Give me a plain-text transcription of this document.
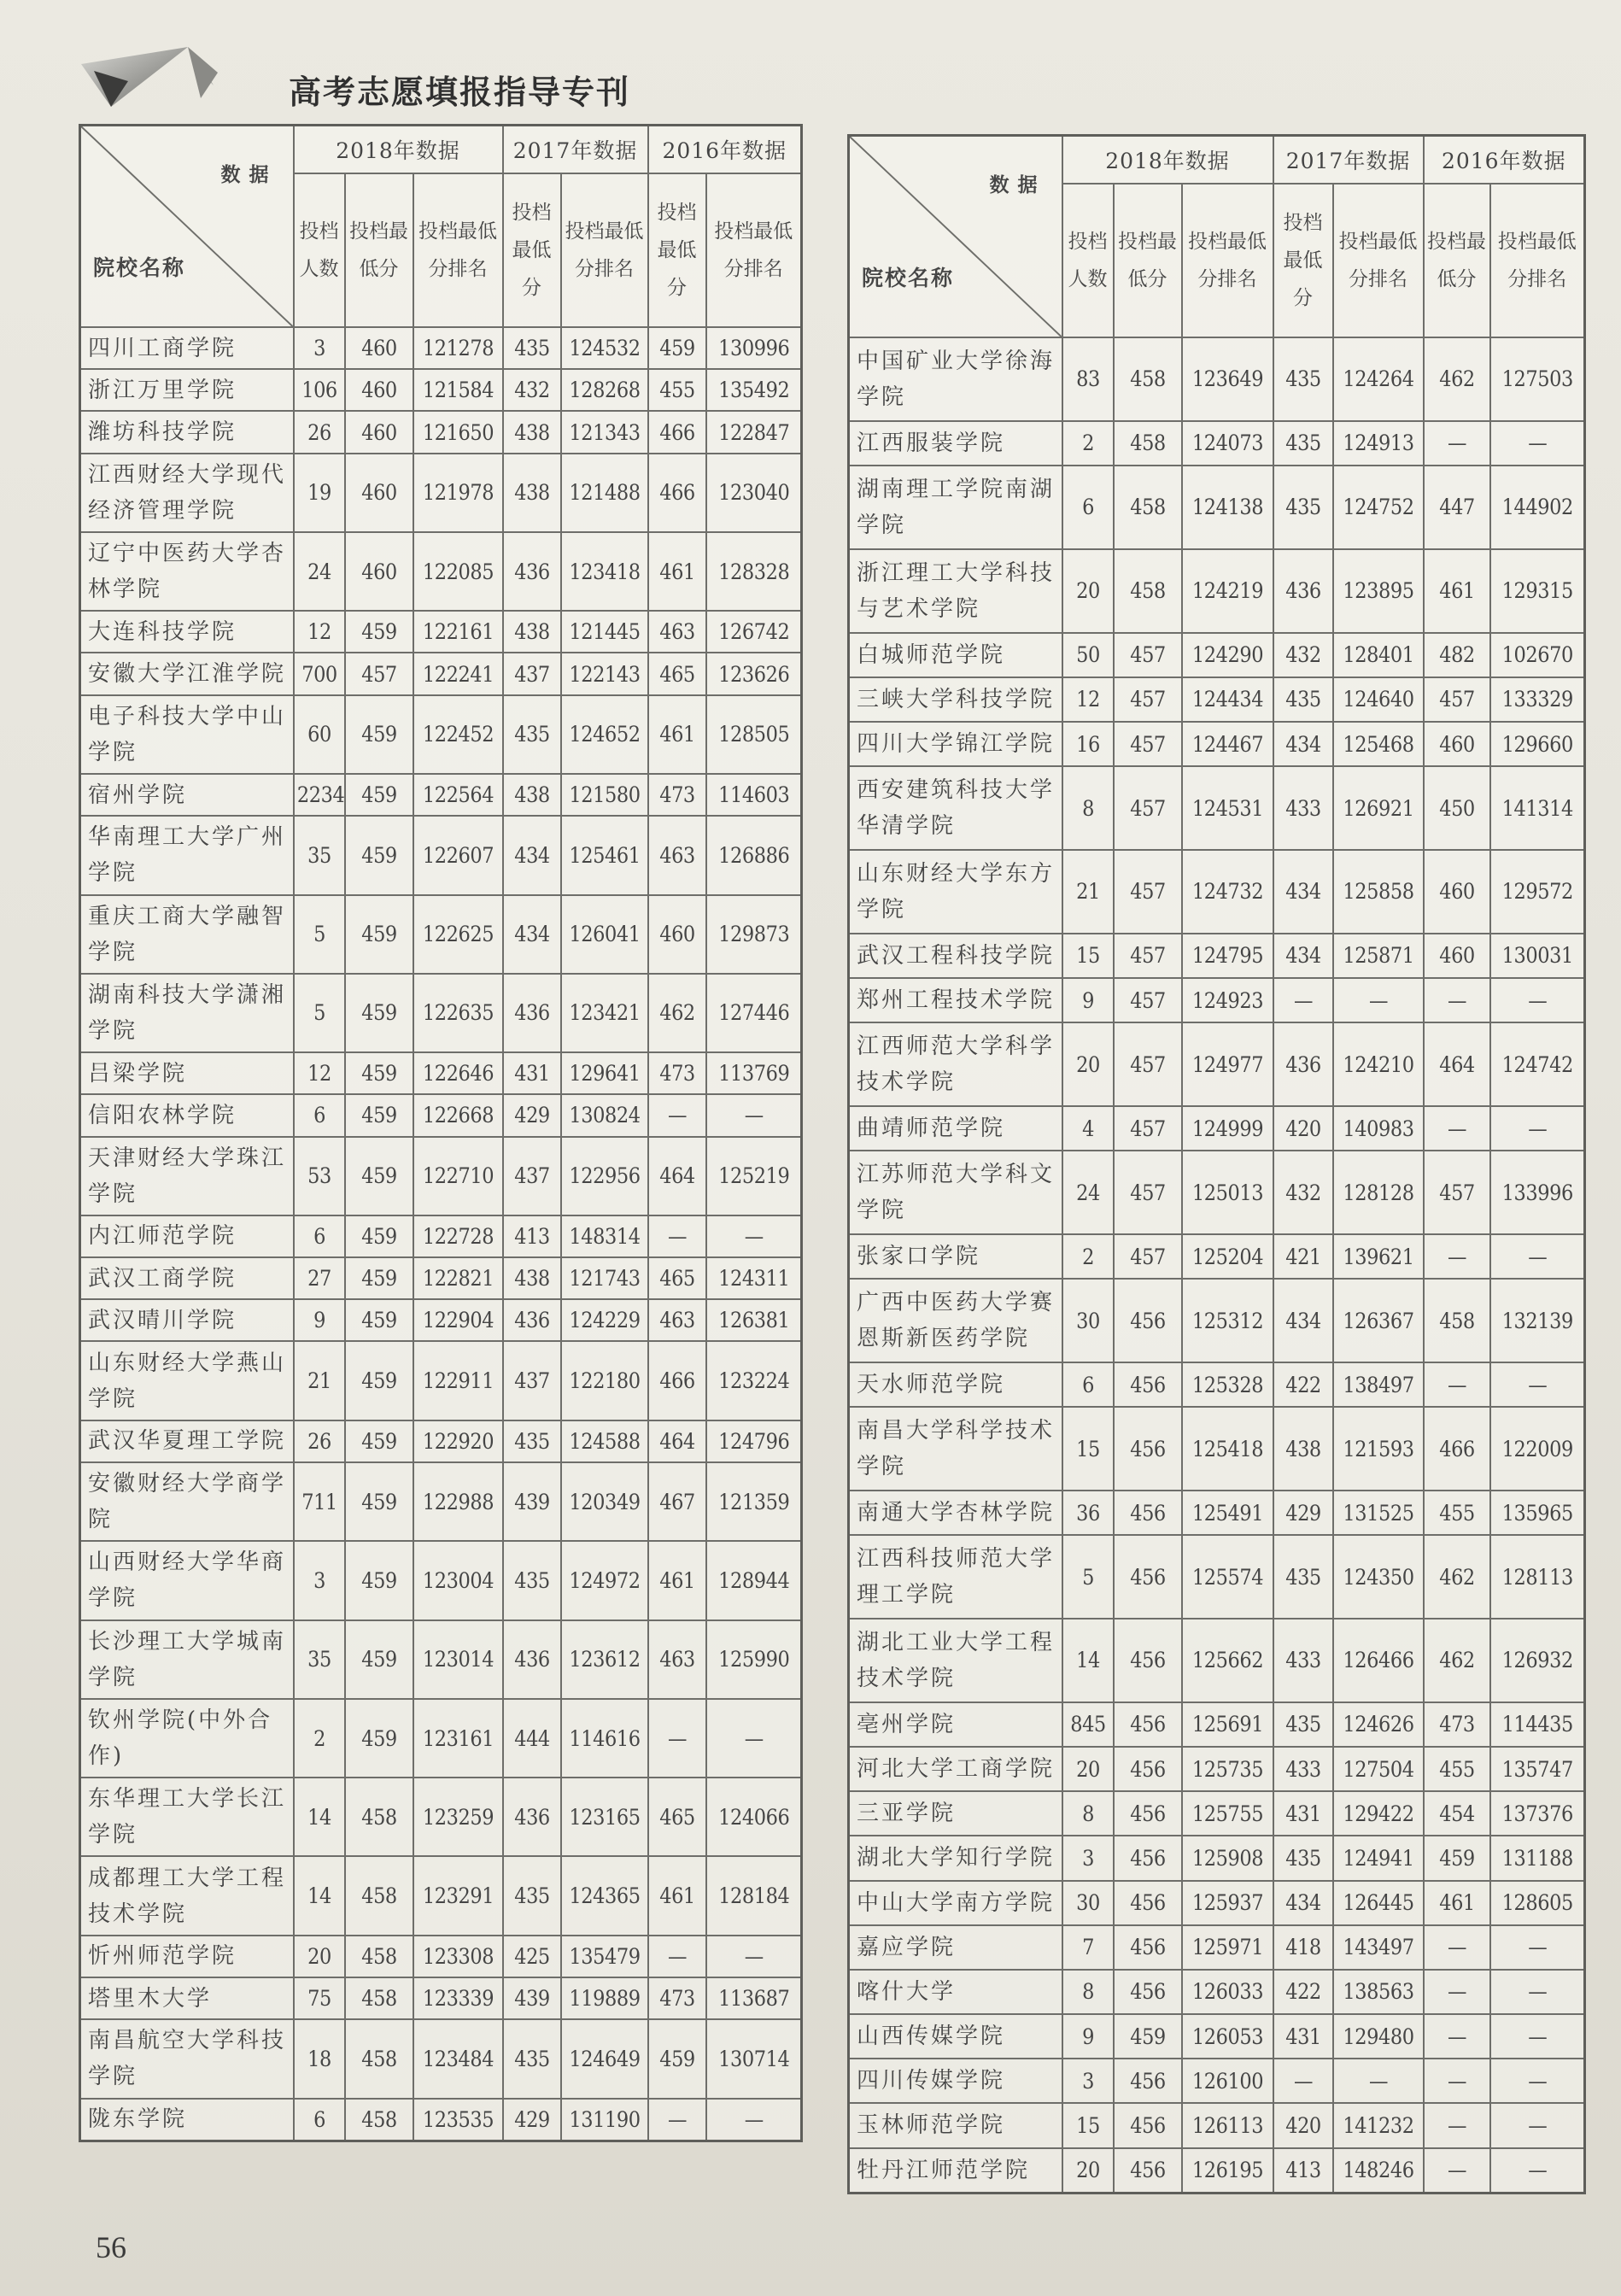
高考志愿填报指导专刊
数据
院校名称	2018年数据			2017年数据		2016年数据	
	投档人数	投档最低分	投档最低分排名	投档最低分	投档最低分排名	投档最低分	投档最低分排名
四川工商学院	3	460	121278	435	124532	459	130996
浙江万里学院	106	460	121584	432	128268	455	135492
潍坊科技学院	26	460	121650	438	121343	466	122847
江西财经大学现代经济管理学院	19	460	121978	438	121488	466	123040
辽宁中医药大学杏林学院	24	460	122085	436	123418	461	128328
大连科技学院	12	459	122161	438	121445	463	126742
安徽大学江淮学院	700	457	122241	437	122143	465	123626
电子科技大学中山学院	60	459	122452	435	124652	461	128505
宿州学院	2234	459	122564	438	121580	473	114603
华南理工大学广州学院	35	459	122607	434	125461	463	126886
重庆工商大学融智学院	5	459	122625	434	126041	460	129873
湖南科技大学潇湘学院	5	459	122635	436	123421	462	127446
吕梁学院	12	459	122646	431	129641	473	113769
信阳农林学院	6	459	122668	429	130824	—	—
天津财经大学珠江学院	53	459	122710	437	122956	464	125219
内江师范学院	6	459	122728	413	148314	—	—
武汉工商学院	27	459	122821	438	121743	465	124311
武汉晴川学院	9	459	122904	436	124229	463	126381
山东财经大学燕山学院	21	459	122911	437	122180	466	123224
武汉华夏理工学院	26	459	122920	435	124588	464	124796
安徽财经大学商学院	711	459	122988	439	120349	467	121359
山西财经大学华商学院	3	459	123004	435	124972	461	128944
长沙理工大学城南学院	35	459	123014	436	123612	463	125990
钦州学院(中外合作)	2	459	123161	444	114616	—	—
东华理工大学长江学院	14	458	123259	436	123165	465	124066
成都理工大学工程技术学院	14	458	123291	435	124365	461	128184
忻州师范学院	20	458	123308	425	135479	—	—
塔里木大学	75	458	123339	439	119889	473	113687
南昌航空大学科技学院	18	458	123484	435	124649	459	130714
陇东学院	6	458	123535	429	131190	—	—
数据
院校名称	2018年数据			2017年数据		2016年数据	
	投档人数	投档最低分	投档最低分排名	投档最低分	投档最低分排名	投档最低分	投档最低分排名
中国矿业大学徐海学院	83	458	123649	435	124264	462	127503
江西服装学院	2	458	124073	435	124913	—	—
湖南理工学院南湖学院	6	458	124138	435	124752	447	144902
浙江理工大学科技与艺术学院	20	458	124219	436	123895	461	129315
白城师范学院	50	457	124290	432	128401	482	102670
三峡大学科技学院	12	457	124434	435	124640	457	133329
四川大学锦江学院	16	457	124467	434	125468	460	129660
西安建筑科技大学华清学院	8	457	124531	433	126921	450	141314
山东财经大学东方学院	21	457	124732	434	125858	460	129572
武汉工程科技学院	15	457	124795	434	125871	460	130031
郑州工程技术学院	9	457	124923	—	—	—	—
江西师范大学科学技术学院	20	457	124977	436	124210	464	124742
曲靖师范学院	4	457	124999	420	140983	—	—
江苏师范大学科文学院	24	457	125013	432	128128	457	133996
张家口学院	2	457	125204	421	139621	—	—
广西中医药大学赛恩斯新医药学院	30	456	125312	434	126367	458	132139
天水师范学院	6	456	125328	422	138497	—	—
南昌大学科学技术学院	15	456	125418	438	121593	466	122009
南通大学杏林学院	36	456	125491	429	131525	455	135965
江西科技师范大学理工学院	5	456	125574	435	124350	462	128113
湖北工业大学工程技术学院	14	456	125662	433	126466	462	126932
亳州学院	845	456	125691	435	124626	473	114435
河北大学工商学院	20	456	125735	433	127504	455	135747
三亚学院	8	456	125755	431	129422	454	137376
湖北大学知行学院	3	456	125908	435	124941	459	131188
中山大学南方学院	30	456	125937	434	126445	461	128605
嘉应学院	7	456	125971	418	143497	—	—
喀什大学	8	456	126033	422	138563	—	—
山西传媒学院	9	459	126053	431	129480	—	—
四川传媒学院	3	456	126100	—	—	—	—
玉林师范学院	15	456	126113	420	141232	—	—
牡丹江师范学院	20	456	126195	413	148246	—	—
56
